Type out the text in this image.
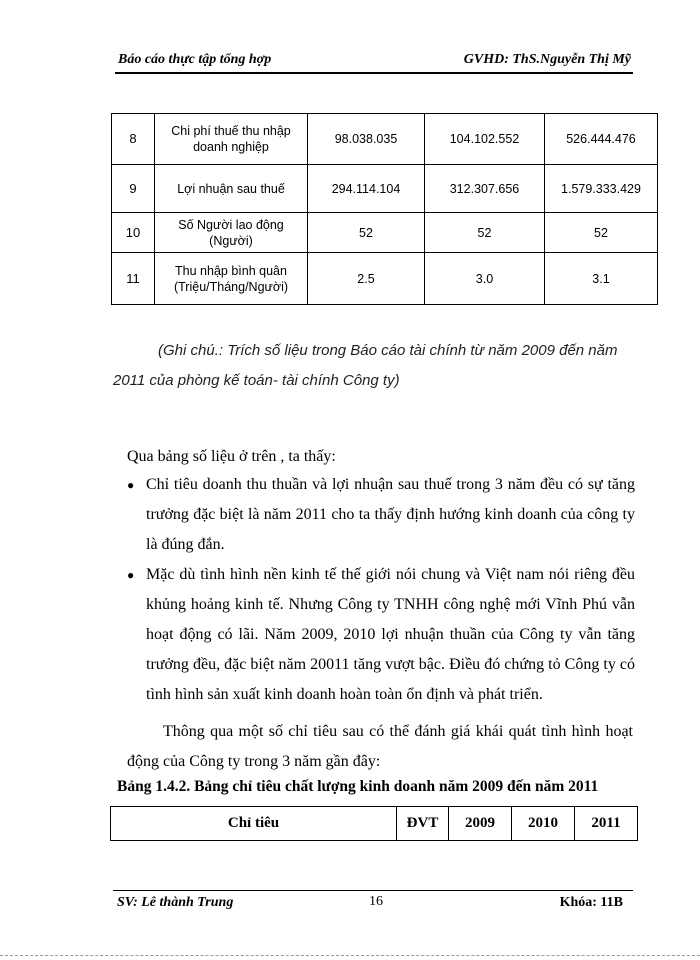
Báo cáo thực tập tổng hợp	GVHD: ThS.Nguyễn Thị Mỹ
8	Chi phí thuế thu nhập doanh nghiệp	98.038.035	104.102.552	526.444.476
9	Lợi nhuận sau thuế	294.114.104	312.307.656	1.579.333.429
10	Số Người lao động (Người)	52	52	52
11	Thu nhập bình quân (Triệu/Tháng/Người)	2.5	3.0	3.1
(Ghi chú.: Trích số liệu trong Báo cáo tài chính từ năm 2009 đến năm
2011 của phòng kế toán- tài chính Công ty)
Qua bảng số liệu ở trên , ta thấy:
● Chỉ tiêu doanh thu thuần và lợi nhuận sau thuế trong 3 năm đều có sự tăng trưởng đặc biệt là năm 2011 cho ta thấy định hướng kinh doanh của công ty là đúng đắn.
● Mặc dù tình hình nền kinh tế thế giới nói chung và Việt nam nói riêng đều khủng hoảng kinh tế. Nhưng Công ty TNHH công nghệ mới Vĩnh Phú vẫn hoạt động có lãi. Năm 2009, 2010 lợi nhuận thuần của Công ty vẫn tăng trưởng đều, đặc biệt năm 20011 tăng vượt bậc. Điều đó chứng tỏ Công ty có tình hình sản xuất kinh doanh hoàn toàn ổn định và phát triển.
Thông qua một số chỉ tiêu sau có thể đánh giá khái quát tình hình hoạt động của Công ty trong 3 năm gần đây:
Bảng 1.4.2. Bảng chỉ tiêu chất lượng kinh doanh năm 2009 đến năm 2011
Chỉ tiêu	ĐVT	2009	2010	2011
SV: Lê thành Trung	16	Khóa: 11B
